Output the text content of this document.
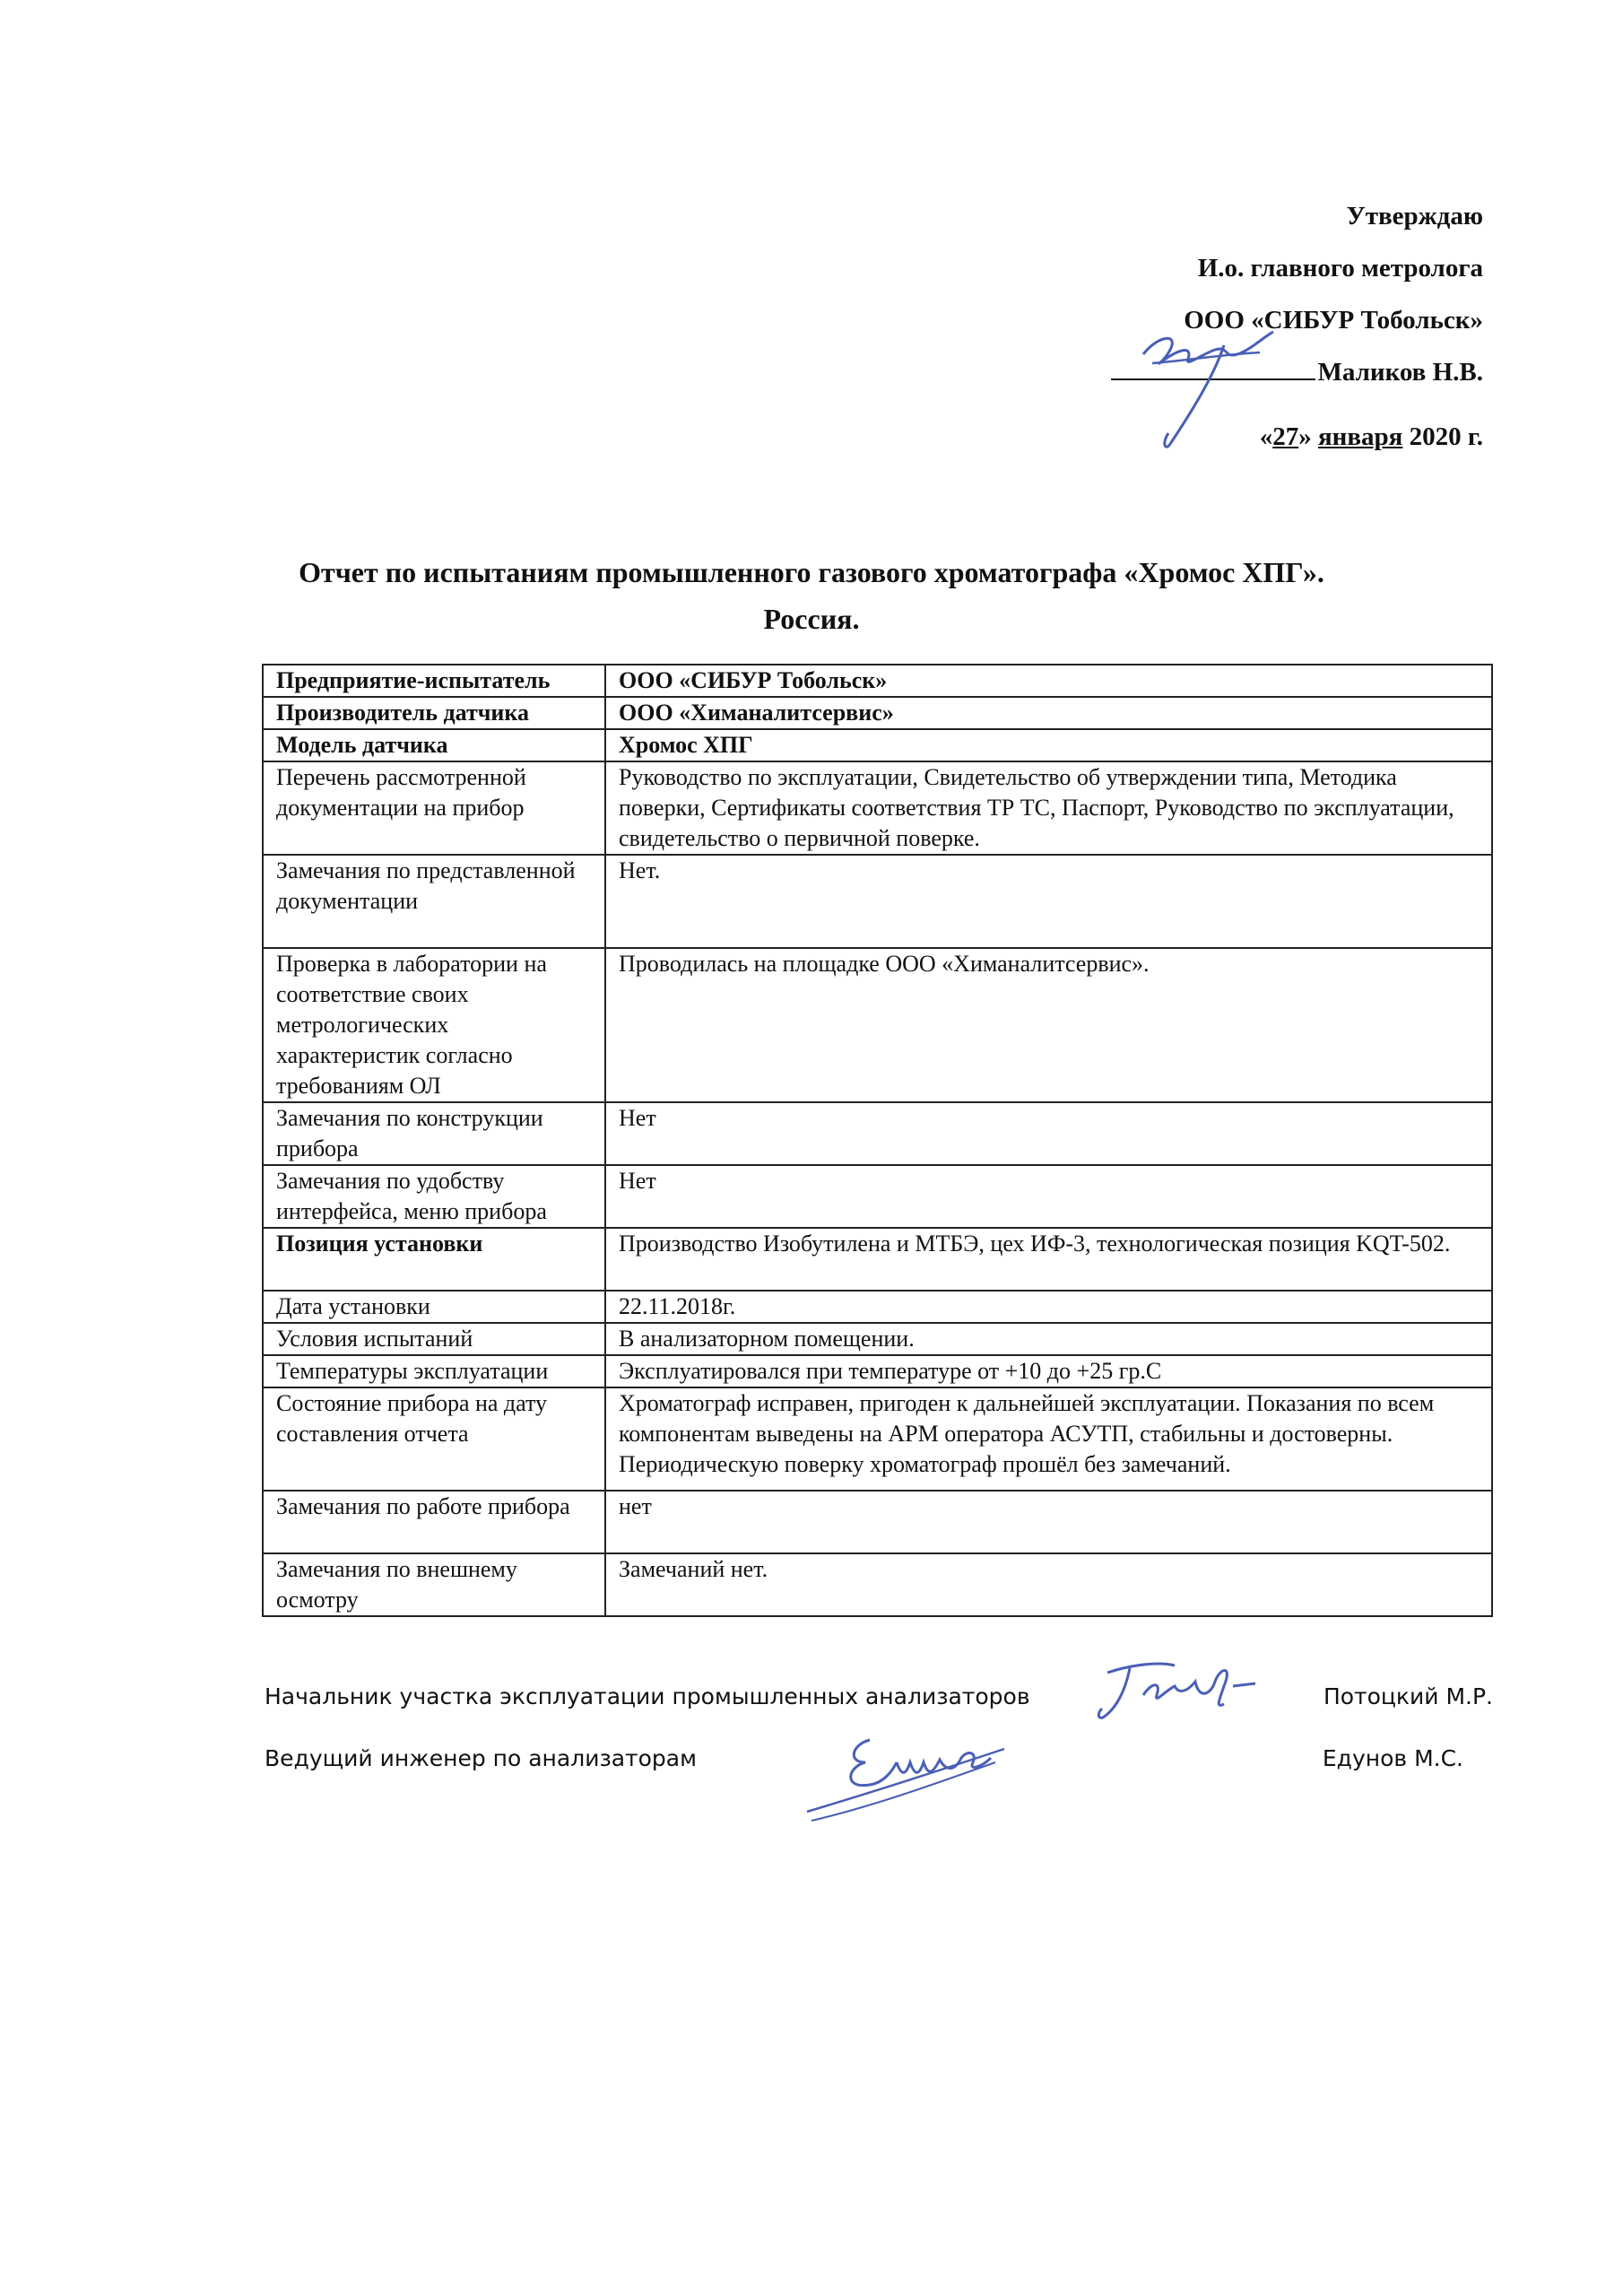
Утверждаю
И.о. главного метролога
ООО «СИБУР Тобольск»
Маликов Н.В.
«27» января 2020 г.
Отчет по испытаниям промышленного газового хроматографа «Хромос ХПГ».
Россия.
Предприятие-испытатель	ООО «СИБУР Тобольск»
Производитель датчика	ООО «Химаналитсервис»
Модель датчика	Хромос ХПГ
Перечень рассмотренной документации на прибор	Руководство по эксплуатации, Свидетельство об утверждении типа, Методика поверки, Сертификаты соответствия ТР ТС, Паспорт, Руководство по эксплуатации, свидетельство о первичной поверке.
Замечания по представленной документации	Нет.
Проверка в лаборатории на соответствие своих метрологических характеристик согласно требованиям ОЛ	Проводилась на площадке ООО «Химаналитсервис».
Замечания по конструкции прибора	Нет
Замечания по удобству интерфейса, меню прибора	Нет
Позиция установки	Производство Изобутилена и МТБЭ, цех ИФ-3, технологическая позиция KQT-502.
Дата установки	22.11.2018г.
Условия испытаний	В анализаторном помещении.
Температуры эксплуатации	Эксплуатировался при температуре от +10 до +25 гр.С
Состояние прибора на дату составления отчета	Хроматограф исправен, пригоден к дальнейшей эксплуатации. Показания по всем компонентам выведены на АРМ оператора АСУТП, стабильны и достоверны. Периодическую поверку хроматограф прошёл без замечаний.
Замечания по работе прибора	нет
Замечания по внешнему осмотру	Замечаний нет.
Начальник участка эксплуатации промышленных анализаторов	Потоцкий М.Р.
Ведущий инженер по анализаторам	Едунов М.С.
